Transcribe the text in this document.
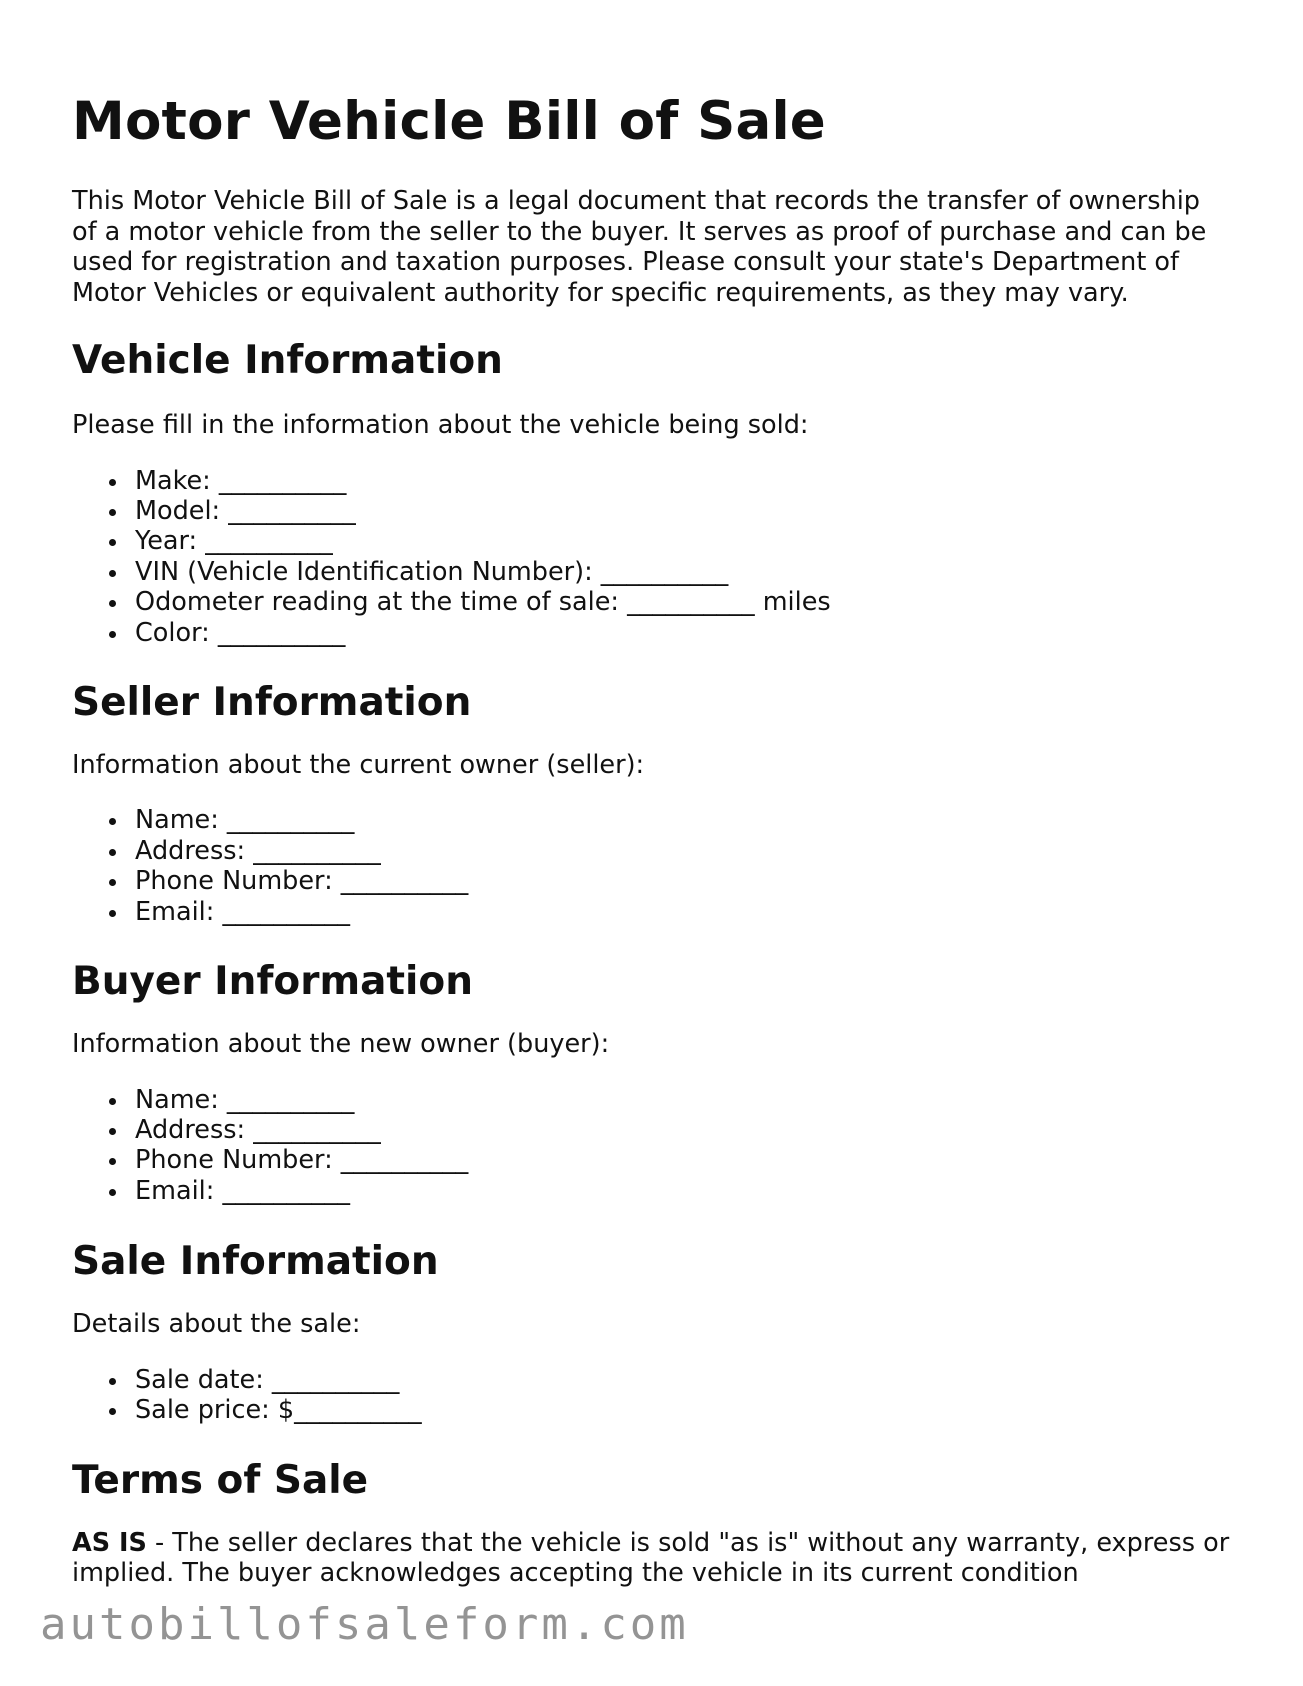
Motor Vehicle Bill of Sale

This Motor Vehicle Bill of Sale is a legal document that records the transfer of ownership of a motor vehicle from the seller to the buyer. It serves as proof of purchase and can be used for registration and taxation purposes. Please consult your state's Department of Motor Vehicles or equivalent authority for specific requirements, as they may vary.

Vehicle Information

Please fill in the information about the vehicle being sold:

Make: __________
Model: __________
Year: __________
VIN (Vehicle Identification Number): __________
Odometer reading at the time of sale: __________ miles
Color: __________
Seller Information

Information about the current owner (seller):

Name: __________
Address: __________
Phone Number: __________
Email: __________
Buyer Information

Information about the new owner (buyer):

Name: __________
Address: __________
Phone Number: __________
Email: __________
Sale Information

Details about the sale:

Sale date: __________
Sale price: $__________
Terms of Sale

AS IS - The seller declares that the vehicle is sold "as is" without any warranty, express or implied. The buyer acknowledges accepting the vehicle in its current condition

autobillofsaleform.com
